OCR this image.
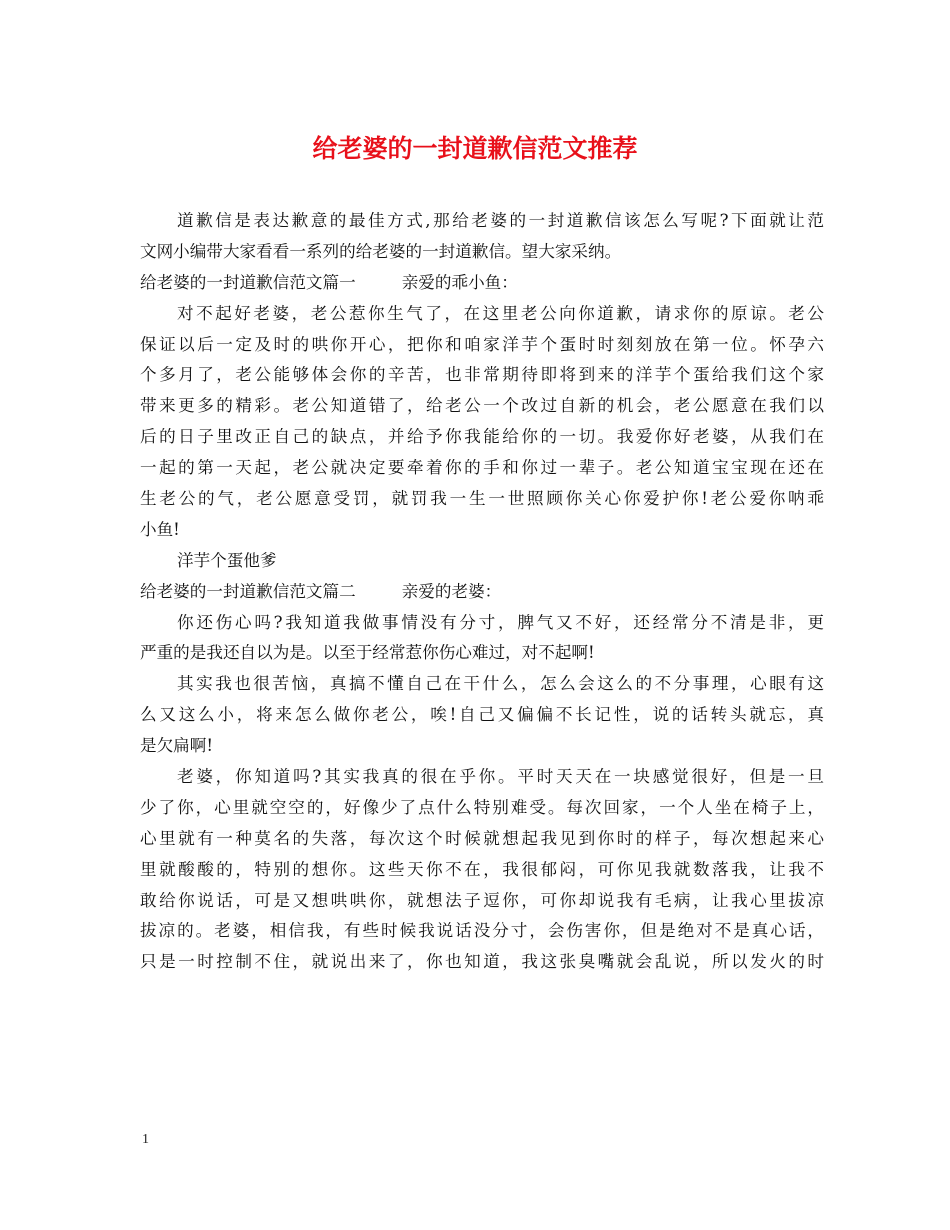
给老婆的一封道歉信范文推荐
道歉信是表达歉意的最佳方式,那给老婆的一封道歉信该怎么写呢?下面就让范
文网小编带大家看看一系列的给老婆的一封道歉信。望大家采纳。
给老婆的一封道歉信范文篇一	亲爱的乖小鱼：
对不起好老婆，老公惹你生气了，在这里老公向你道歉，请求你的原谅。老公
保证以后一定及时的哄你开心，把你和咱家洋芋个蛋时时刻刻放在第一位。怀孕六
个多月了，老公能够体会你的辛苦，也非常期待即将到来的洋芋个蛋给我们这个家
带来更多的精彩。老公知道错了，给老公一个改过自新的机会，老公愿意在我们以
后的日子里改正自己的缺点，并给予你我能给你的一切。我爱你好老婆，从我们在
一起的第一天起，老公就决定要牵着你的手和你过一辈子。老公知道宝宝现在还在
生老公的气，老公愿意受罚，就罚我一生一世照顾你关心你爱护你!老公爱你呐乖
小鱼!
洋芋个蛋他爹
给老婆的一封道歉信范文篇二	亲爱的老婆：
你还伤心吗?我知道我做事情没有分寸，脾气又不好，还经常分不清是非，更
严重的是我还自以为是。以至于经常惹你伤心难过，对不起啊!
其实我也很苦恼，真搞不懂自己在干什么，怎么会这么的不分事理，心眼有这
么又这么小，将来怎么做你老公，唉!自己又偏偏不长记性，说的话转头就忘，真
是欠扁啊!
老婆，你知道吗?其实我真的很在乎你。平时天天在一块感觉很好，但是一旦
少了你，心里就空空的，好像少了点什么特别难受。每次回家，一个人坐在椅子上，
心里就有一种莫名的失落，每次这个时候就想起我见到你时的样子，每次想起来心
里就酸酸的，特别的想你。这些天你不在，我很郁闷，可你见我就数落我，让我不
敢给你说话，可是又想哄哄你，就想法子逗你，可你却说我有毛病，让我心里拔凉
拔凉的。老婆，相信我，有些时候我说话没分寸，会伤害你，但是绝对不是真心话，
只是一时控制不住，就说出来了，你也知道，我这张臭嘴就会乱说，所以发火的时
1
